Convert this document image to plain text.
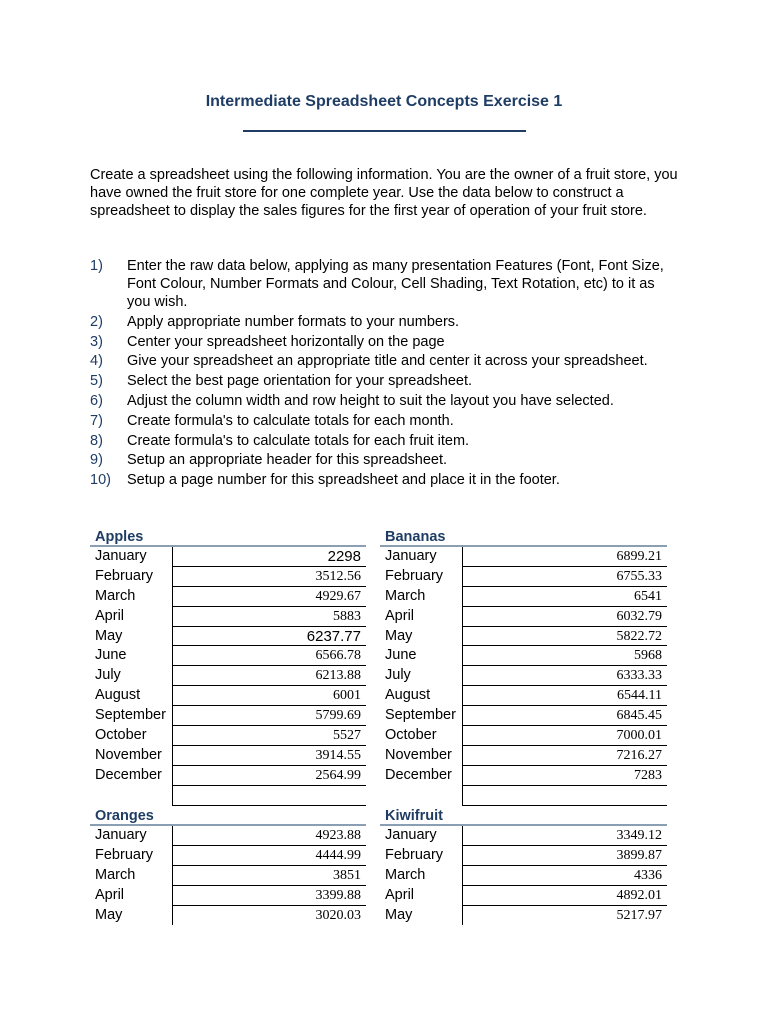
Intermediate Spreadsheet Concepts Exercise 1

Create a spreadsheet using the following information. You are the owner of a fruit store, you have owned the fruit store for one complete year. Use the data below to construct a spreadsheet to display the sales figures for the first year of operation of your fruit store.

1)	Enter the raw data below, applying as many presentation Features (Font, Font Size, Font Colour, Number Formats and Colour, Cell Shading, Text Rotation, etc) to it as you wish.
2)	Apply appropriate number formats to your numbers.
3)	Center your spreadsheet horizontally on the page
4)	Give your spreadsheet an appropriate title and center it across your spreadsheet.
5)	Select the best page orientation for your spreadsheet.
6)	Adjust the column width and row height to suit the layout you have selected.
7)	Create formula's to calculate totals for each month.
8)	Create formula's to calculate totals for each fruit item.
9)	Setup an appropriate header for this spreadsheet.
10)	Setup a page number for this spreadsheet and place it in the footer.
Apples
January	2298
February	3512.56
March	4929.67
April	5883
May	6237.77
June	6566.78
July	6213.88
August	6001
September	5799.69
October	5527
November	3914.55
December	2564.99
Bananas
January	6899.21
February	6755.33
March	6541
April	6032.79
May	5822.72
June	5968
July	6333.33
August	6544.11
September	6845.45
October	7000.01
November	7216.27
December	7283
Oranges
January	4923.88
February	4444.99
March	3851
April	3399.88
May	3020.03
Kiwifruit
January	3349.12
February	3899.87
March	4336
April	4892.01
May	5217.97
